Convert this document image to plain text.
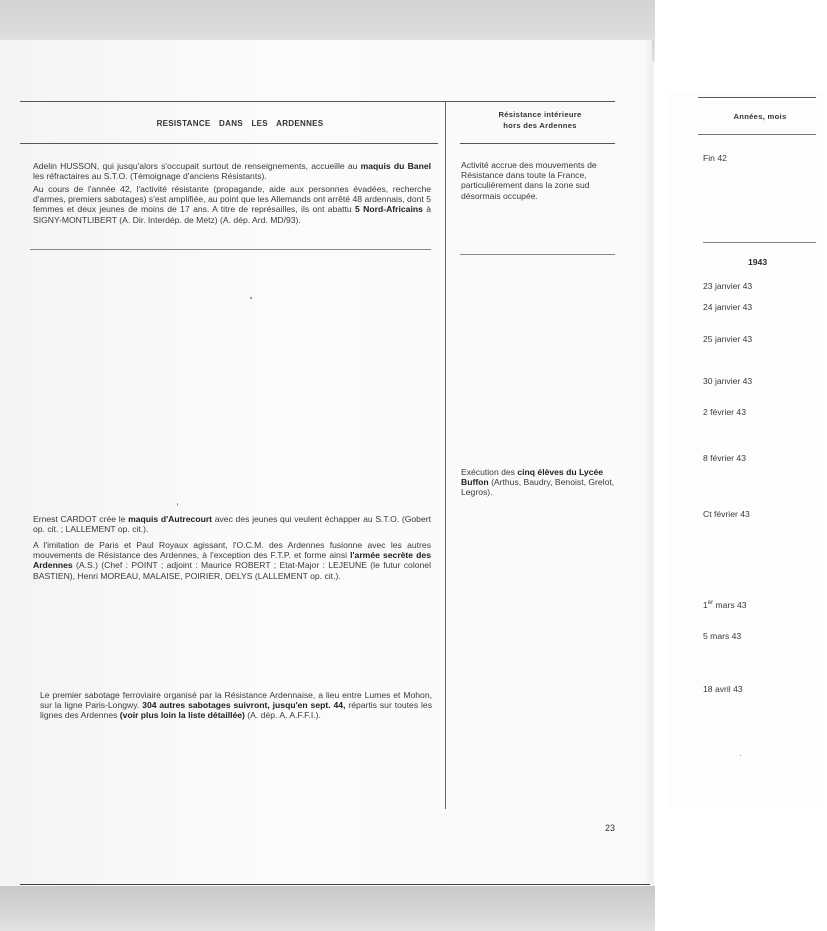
RESISTANCE DANS LES ARDENNES
Résistance intérieure
hors des Ardennes
Années, mois
Adelin HUSSON, qui jusqu'alors s'occupait surtout de renseignements, accueille au maquis du Banel les réfractaires au S.T.O. (Témoignage d'anciens Résistants).
Au cours de l'année 42, l'activité résistante (propagande, aide aux personnes évadées, recherche d'armes, premiers sabotages) s'est amplifiée, au point que les Allemands ont arrêté 48 ardennais, dont 5 femmes et deux jeunes de moins de 17 ans. A titre de représailles, ils ont abattu 5 Nord-Africains à SIGNY-MONTLIBERT (A. Dir. Interdép. de Metz) (A. dép. Ard. MD/93).
Ernest CARDOT crée le maquis d'Autrecourt avec des jeunes qui veulent échapper au S.T.O. (Gobert op. cit. ; LALLEMENT op. cit.).
A l'imitation de Paris et Paul Royaux agissant, l'O.C.M. des Ardennes fusionne avec les autres mouvements de Résistance des Ardennes, à l'exception des F.T.P. et forme ainsi l'armée secrète des Ardennes (A.S.) (Chef : POINT ; adjoint : Maurice ROBERT ; Etat-Major : LEJEUNE (le futur colonel BASTIEN), Henri MOREAU, MALAISE, POIRIER, DELYS (LALLEMENT op. cit.).
Le premier sabotage ferroviaire organisé par la Résistance Ardennaise, a lieu entre Lumes et Mohon, sur la ligne Paris-Longwy. 304 autres sabotages suivront, jusqu'en sept. 44, répartis sur toutes les lignes des Ardennes (voir plus loin la liste détaillée) (A. dép. A. A.F.F.I.).
Activité accrue des mouvements de Résistance dans toute la France, particulièrement dans la zone sud désormais occupée.
Exécution des cinq élèves du Lycée Buffon (Arthus, Baudry, Benoist, Grelot, Legros).
Fin 42
1943
23 janvier 43
24 janvier 43
25 janvier 43
30 janvier 43
2 février 43
8 février 43
Ct février 43
1er mars 43
5 mars 43
18 avril 43
23
